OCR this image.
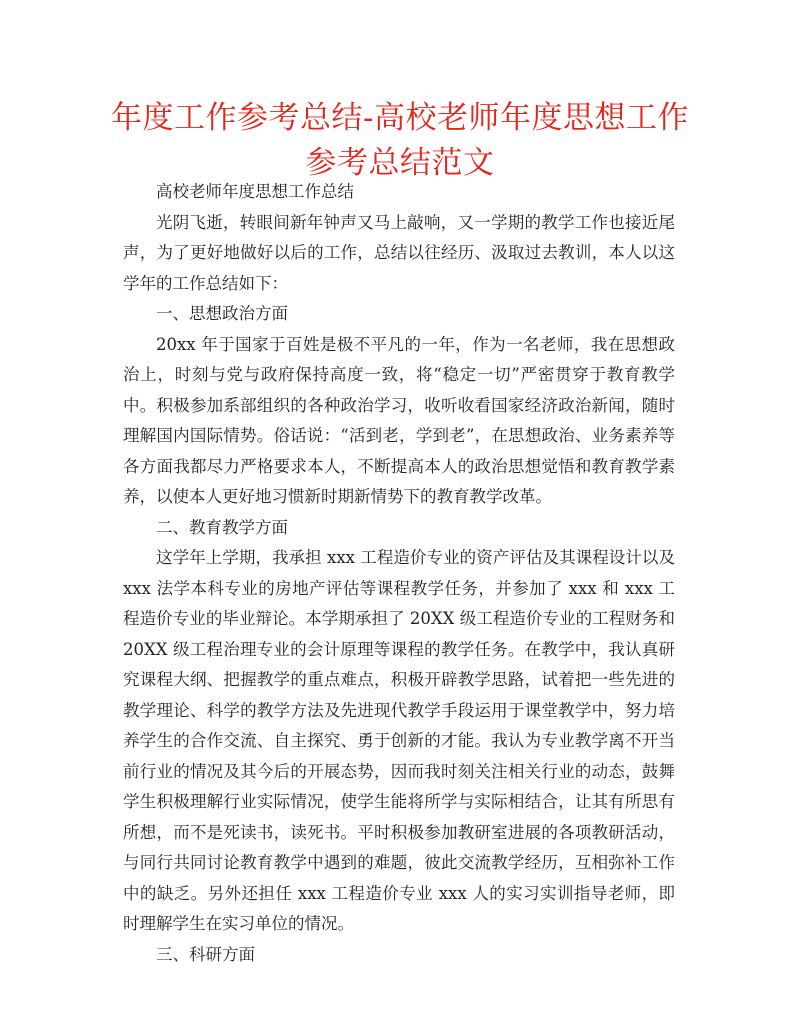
年度工作参考总结-高校老师年度思想工作参考总结范文

高校老师年度思想工作总结

光阴飞逝，转眼间新年钟声又马上敲响，又一学期的教学工作也接近尾声，为了更好地做好以后的工作，总结以往经历、汲取过去教训，本人以这学年的工作总结如下：

一、思想政治方面

20xx 年于国家于百姓是极不平凡的一年，作为一名老师，我在思想政治上，时刻与党与政府保持高度一致，将“稳定一切”严密贯穿于教育教学中。积极参加系部组织的各种政治学习，收听收看国家经济政治新闻，随时理解国内国际情势。俗话说：“活到老，学到老”，在思想政治、业务素养等各方面我都尽力严格要求本人，不断提高本人的政治思想觉悟和教育教学素养，以使本人更好地习惯新时期新情势下的教育教学改革。

二、教育教学方面

这学年上学期，我承担 xxx 工程造价专业的资产评估及其课程设计以及 xxx 法学本科专业的房地产评估等课程教学任务，并参加了 xxx 和 xxx 工程造价专业的毕业辩论。本学期承担了 20XX 级工程造价专业的工程财务和 20XX 级工程治理专业的会计原理等课程的教学任务。在教学中，我认真研究课程大纲、把握教学的重点难点，积极开辟教学思路，试着把一些先进的教学理论、科学的教学方法及先进现代教学手段运用于课堂教学中，努力培养学生的合作交流、自主探究、勇于创新的才能。我认为专业教学离不开当前行业的情况及其今后的开展态势，因而我时刻关注相关行业的动态，鼓舞学生积极理解行业实际情况，使学生能将所学与实际相结合，让其有所思有所想，而不是死读书，读死书。平时积极参加教研室进展的各项教研活动，与同行共同讨论教育教学中遇到的难题，彼此交流教学经历，互相弥补工作中的缺乏。另外还担任 xxx 工程造价专业 xxx 人的实习实训指导老师，即时理解学生在实习单位的情况。

三、科研方面
